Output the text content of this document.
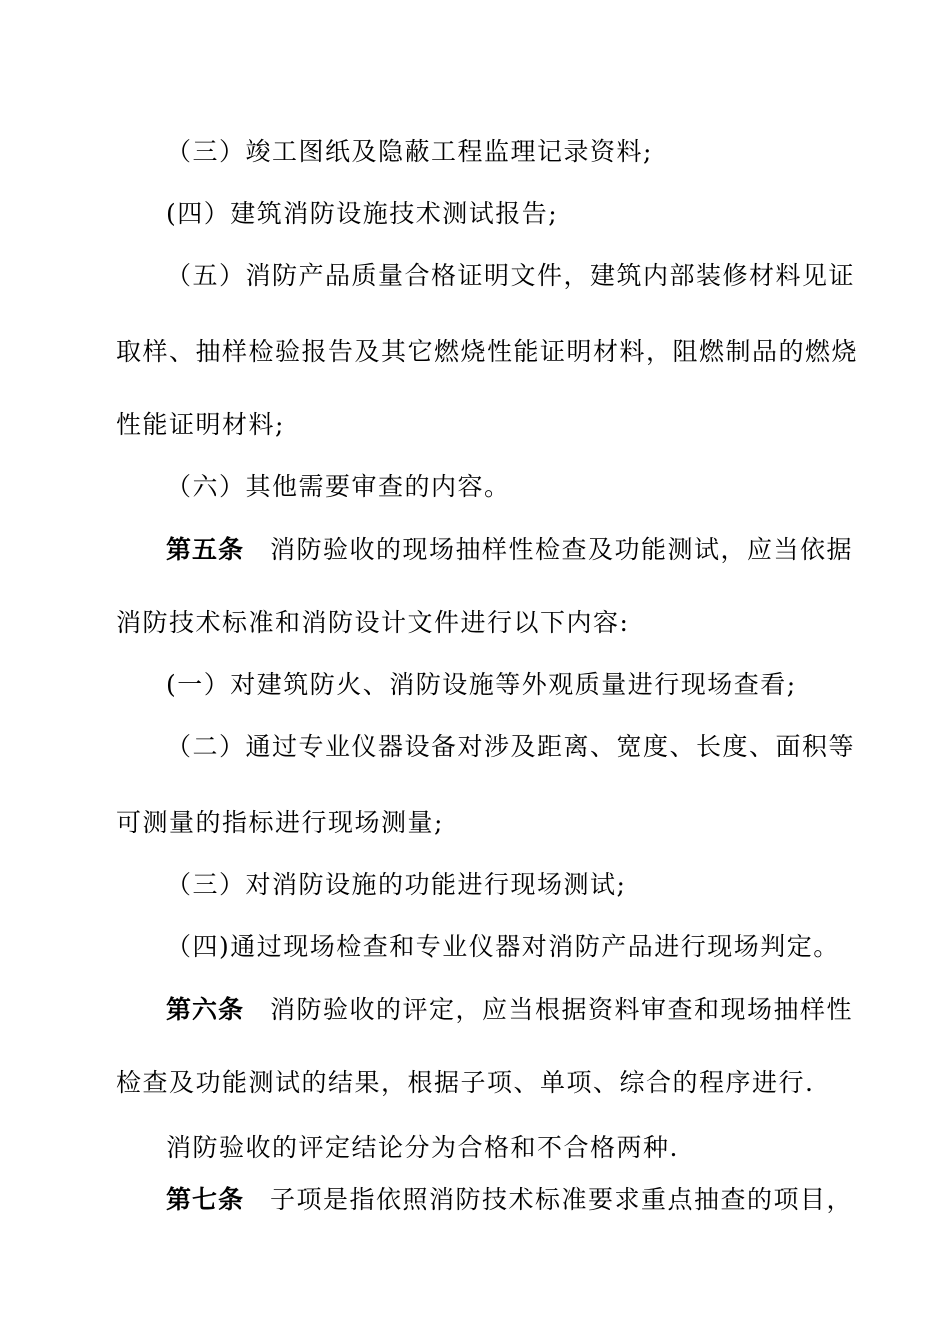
（三）竣工图纸及隐蔽工程监理记录资料;
(四）建筑消防设施技术测试报告;
（五）消防产品质量合格证明文件，建筑内部装修材料见证
取样、抽样检验报告及其它燃烧性能证明材料，阻燃制品的燃烧
性能证明材料;
（六）其他需要审查的内容。
第五条 消防验收的现场抽样性检查及功能测试，应当依据
消防技术标准和消防设计文件进行以下内容:
(一）对建筑防火、消防设施等外观质量进行现场查看;
（二）通过专业仪器设备对涉及距离、宽度、长度、面积等
可测量的指标进行现场测量;
（三）对消防设施的功能进行现场测试;
（四)通过现场检查和专业仪器对消防产品进行现场判定。
第六条 消防验收的评定，应当根据资料审查和现场抽样性
检查及功能测试的结果，根据子项、单项、综合的程序进行.
消防验收的评定结论分为合格和不合格两种.
第七条 子项是指依照消防技术标准要求重点抽查的项目，
